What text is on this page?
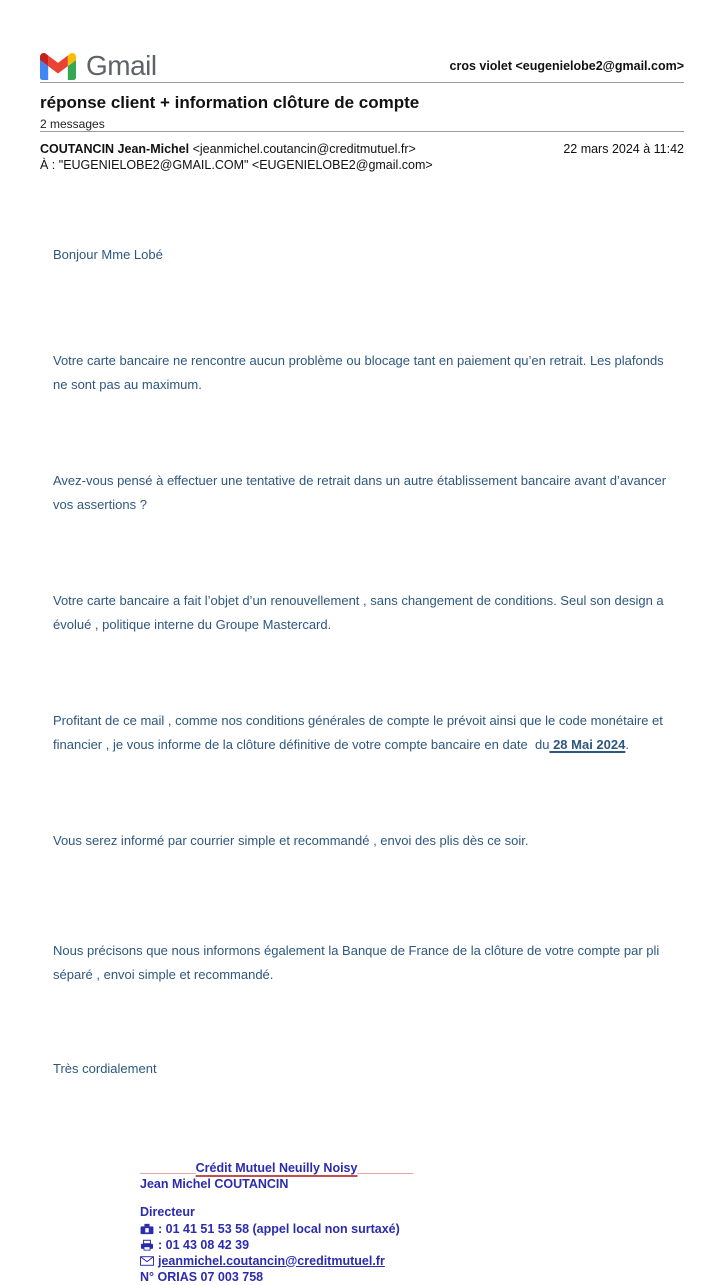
Gmail	cros violet <eugenielobe2@gmail.com>
réponse client + information clôture de compte
2 messages
COUTANCIN Jean-Michel <jeanmichel.coutancin@creditmutuel.fr>
À : "EUGENIELOBE2@GMAIL.COM" <EUGENIELOBE2@gmail.com>
22 mars 2024 à 11:42

Bonjour Mme Lobé

Votre carte bancaire ne rencontre aucun problème ou blocage tant en paiement qu’en retrait. Les plafonds ne sont pas au maximum.

Avez-vous pensé à effectuer une tentative de retrait dans un autre établissement bancaire avant d’avancer vos assertions ?

Votre carte bancaire a fait l’objet d’un renouvellement , sans changement de conditions. Seul son design a évolué , politique interne du Groupe Mastercard.

Profitant de ce mail , comme nos conditions générales de compte le prévoit ainsi que le code monétaire et financier , je vous informe de la clôture définitive de votre compte bancaire en date  du 28 Mai 2024.

Vous serez informé par courrier simple et recommandé , envoi des plis dès ce soir.

Nous précisons que nous informons également la Banque de France de la clôture de votre compte par pli séparé , envoi simple et recommandé.

Très cordialement

________Crédit Mutuel Neuilly Noisy________
Jean Michel COUTANCIN
Directeur
: 01 41 51 53 58 (appel local non surtaxé)
: 01 43 08 42 39
jeanmichel.coutancin@creditmutuel.fr
N° ORIAS 07 003 758
